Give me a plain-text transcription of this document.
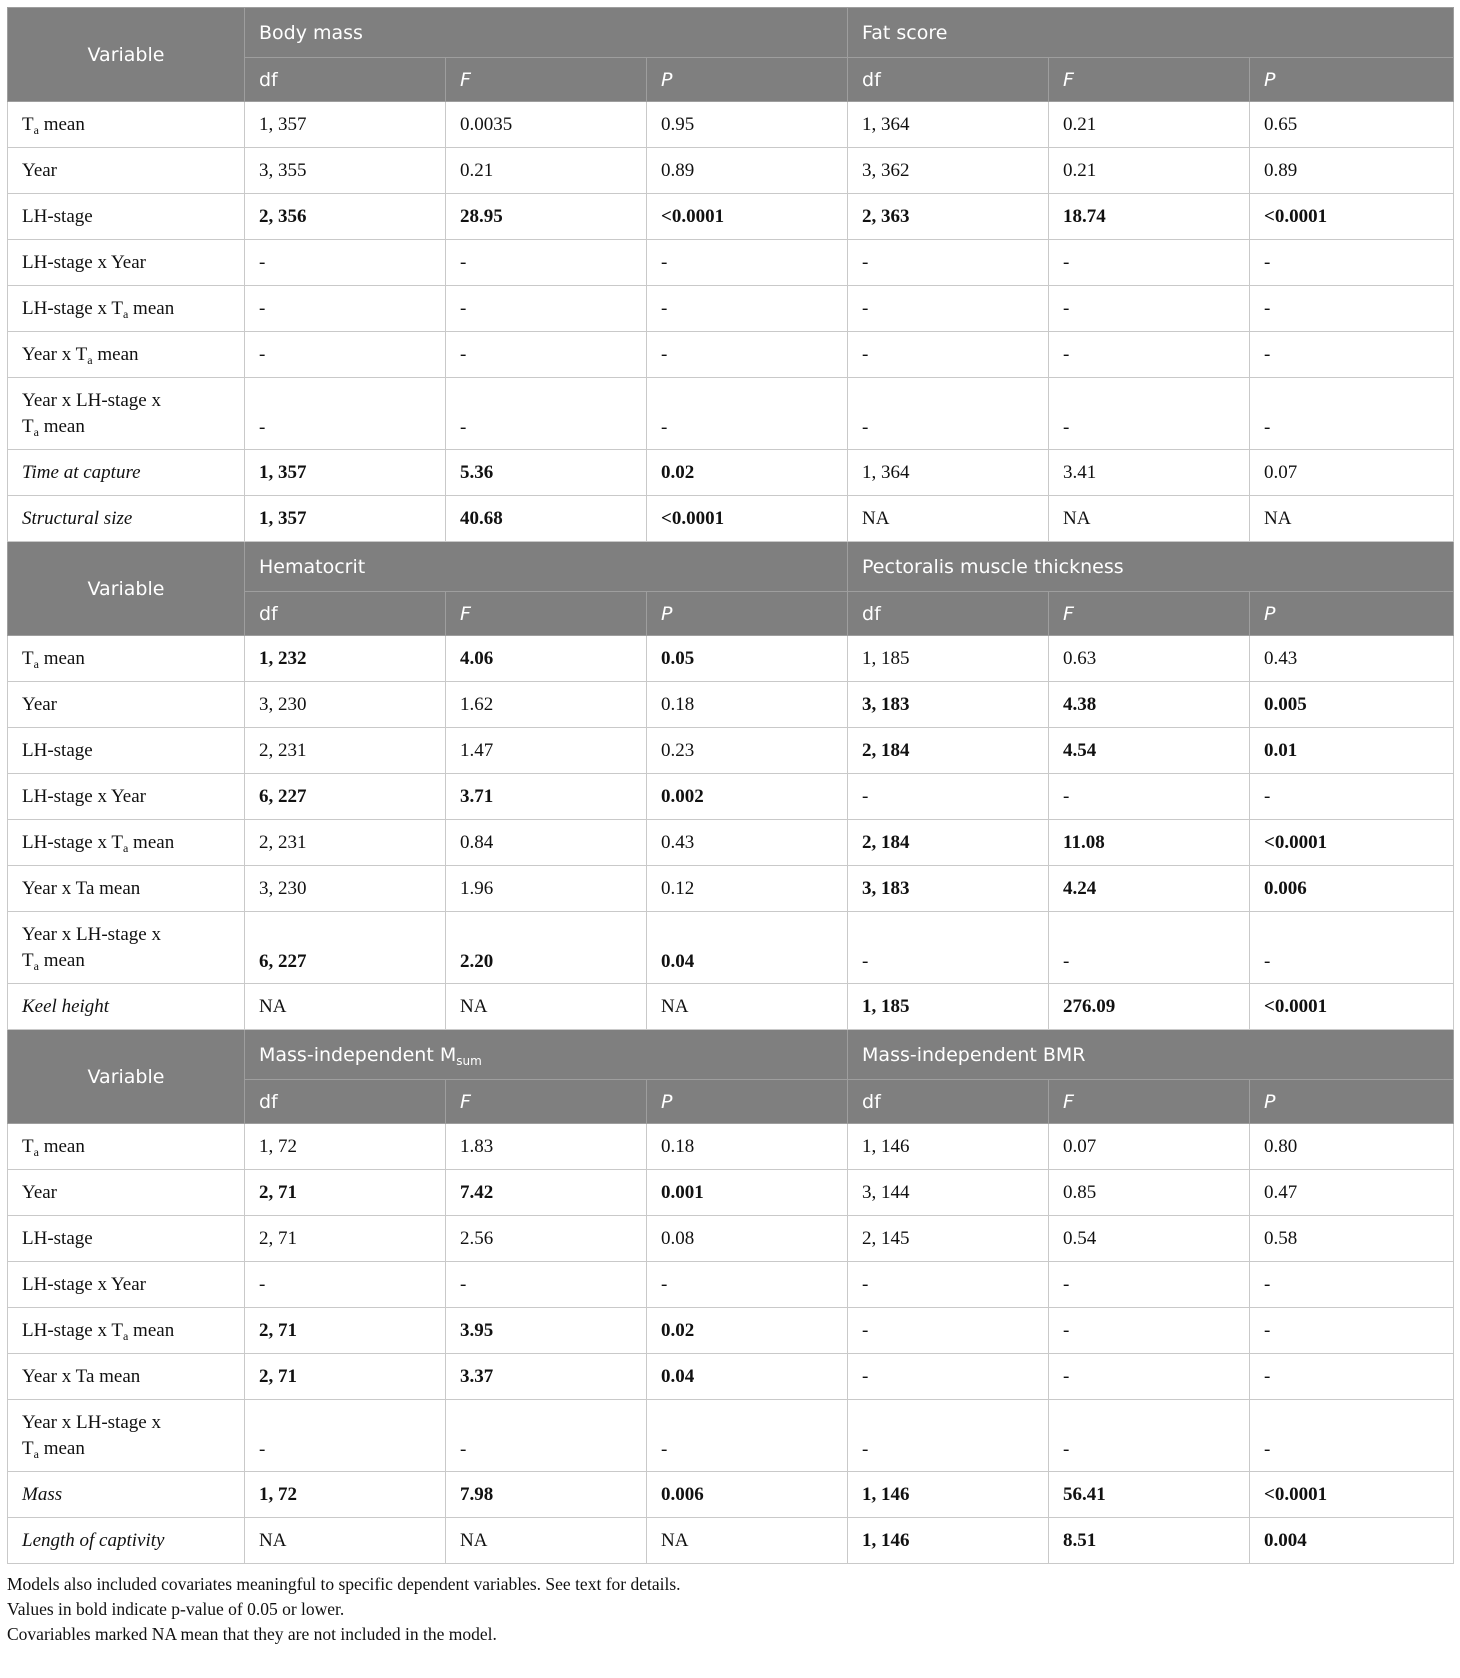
Variable	Body mass			Fat score		
	df	F	P	df	F	P
$T_a$ mean	1, 357	0.0035	0.95	1, 364	0.21	0.65
Year	3, 355	0.21	0.89	3, 362	0.21	0.89
LH-stage	2, 356	28.95	<0.0001	2, 363	18.74	<0.0001
LH-stage x Year	-	-	-	-	-	-
LH-stage x $T_a$ mean	-	-	-	-	-	-
Year x $T_a$ mean	-	-	-	-	-	-
Year x LH-stage x
$T_a$ mean	-	-	-	-	-	-
Time at capture	1, 357	5.36	0.02	1, 364	3.41	0.07
Structural size	1, 357	40.68	<0.0001	NA	NA	NA
Variable	Hematocrit			Pectoralis muscle thickness		
	df	F	P	df	F	P
$T_a$ mean	1, 232	4.06	0.05	1, 185	0.63	0.43
Year	3, 230	1.62	0.18	3, 183	4.38	0.005
LH-stage	2, 231	1.47	0.23	2, 184	4.54	0.01
LH-stage x Year	6, 227	3.71	0.002	-	-	-
LH-stage x $T_a$ mean	2, 231	0.84	0.43	2, 184	11.08	<0.0001
Year x Ta mean	3, 230	1.96	0.12	3, 183	4.24	0.006
Year x LH-stage x
$T_a$ mean	6, 227	2.20	0.04	-	-	-
Keel height	NA	NA	NA	1, 185	276.09	<0.0001
Variable	Mass-independent $M_{sum}$			Mass-independent BMR		
	df	F	P	df	F	P
$T_a$ mean	1, 72	1.83	0.18	1, 146	0.07	0.80
Year	2, 71	7.42	0.001	3, 144	0.85	0.47
LH-stage	2, 71	2.56	0.08	2, 145	0.54	0.58
LH-stage x Year	-	-	-	-	-	-
LH-stage x $T_a$ mean	2, 71	3.95	0.02	-	-	-
Year x Ta mean	2, 71	3.37	0.04	-	-	-
Year x LH-stage x
$T_a$ mean	-	-	-	-	-	-
Mass	1, 72	7.98	0.006	1, 146	56.41	<0.0001
Length of captivity	NA	NA	NA	1, 146	8.51	0.004
Models also included covariates meaningful to specific dependent variables. See text for details.
Values in bold indicate p-value of 0.05 or lower.
Covariables marked NA mean that they are not included in the model.
